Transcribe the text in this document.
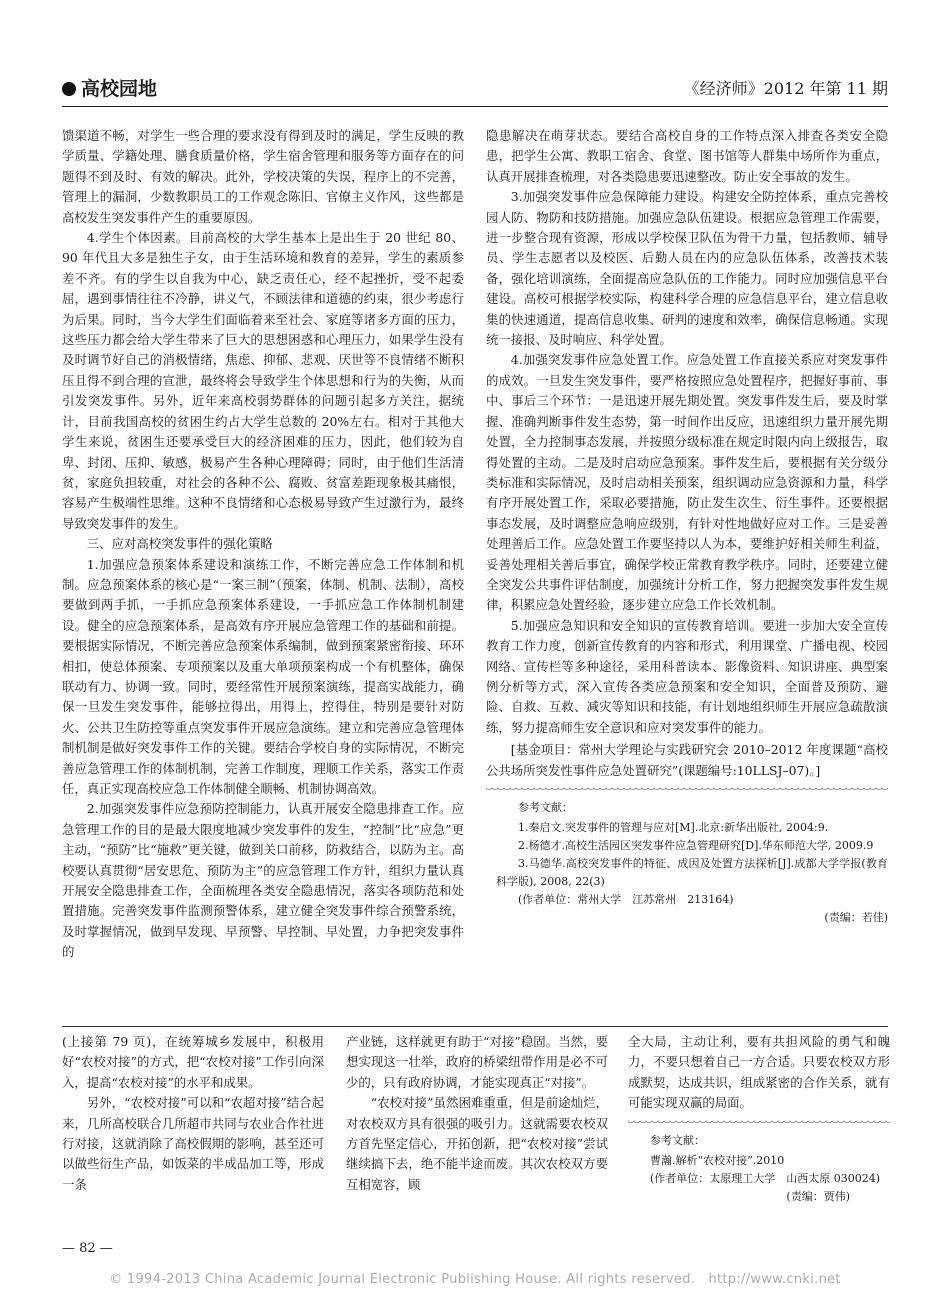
高校园地	《经济师》2012 年第 11 期

馈渠道不畅，对学生一些合理的要求没有得到及时的满足，学生反映的教学质量、学籍处理、膳食质量价格，学生宿舍管理和服务等方面存在的问题得不到及时、有效的解决。此外，学校决策的失误，程序上的不完善，管理上的漏洞，少数教职员工的工作观念陈旧、官僚主义作风，这些都是高校发生突发事件产生的重要原因。

4.学生个体因素。目前高校的大学生基本上是出生于 20 世纪 80、90 年代且大多是独生子女，由于生活环境和教育的差异，学生的素质参差不齐。有的学生以自我为中心，缺乏责任心，经不起挫折，受不起委屈，遇到事情往往不冷静，讲义气，不顾法律和道德的约束，很少考虑行为后果。同时，当今大学生们面临着来至社会、家庭等诸多方面的压力，这些压力都会给大学生带来了巨大的思想困惑和心理压力，如果学生没有及时调节好自己的消极情绪，焦虑、抑郁、悲观、厌世等不良情绪不断积压且得不到合理的宣泄，最终将会导致学生个体思想和行为的失衡，从而引发突发事件。另外，近年来高校弱势群体的问题引起多方关注，据统计，目前我国高校的贫困生约占大学生总数的 20%左右。相对于其他大学生来说，贫困生还要承受巨大的经济困难的压力，因此，他们较为自卑、封闭、压抑、敏感，极易产生各种心理障碍；同时，由于他们生活清贫，家庭负担较重，对社会的各种不公、腐败、贫富差距现象极其痛恨，容易产生极端性思维。这种不良情绪和心态极易导致产生过激行为，最终导致突发事件的发生。

三、应对高校突发事件的强化策略

1.加强应急预案体系建设和演练工作，不断完善应急工作体制和机制。应急预案体系的核心是“一案三制”（预案，体制、机制、法制），高校要做到两手抓，一手抓应急预案体系建设，一手抓应急工作体制机制建设。健全的应急预案体系，是高效有序开展应急管理工作的基础和前提。要根据实际情况，不断完善应急预案体系编制，做到预案紧密衔接、环环相扣，使总体预案、专项预案以及重大单项预案构成一个有机整体，确保联动有力、协调一致。同时，要经常性开展预案演练，提高实战能力，确保一旦发生突发事件，能够拉得出，用得上，控得住，特别是要针对防火、公共卫生防控等重点突发事件开展应急演练。建立和完善应急管理体制机制是做好突发事件工作的关键。要结合学校自身的实际情况，不断完善应急管理工作的体制机制，完善工作制度，理顺工作关系，落实工作责任，真正实现高校应急工作体制健全顺畅、机制协调高效。

2.加强突发事件应急预防控制能力，认真开展安全隐患排查工作。应急管理工作的目的是最大限度地减少突发事件的发生，“控制”比“应急”更主动，“预防”比“施救”更关键，做到关口前移，防救结合，以防为主。高校要认真贯彻“居安思危、预防为主”的应急管理工作方针，组织力量认真开展安全隐患排查工作，全面梳理各类安全隐患情况，落实各项防范和处置措施。完善突发事件监测预警体系，建立健全突发事件综合预警系统，及时掌握情况，做到早发现、早预警、早控制、早处置，力争把突发事件的

隐患解决在萌芽状态。要结合高校自身的工作特点深入排查各类安全隐患，把学生公寓、教职工宿舍、食堂、图书馆等人群集中场所作为重点，认真开展排查梳理，对各类隐患要迅速整改。防止安全事故的发生。

3.加强突发事件应急保障能力建设。构建安全防控体系，重点完善校园人防、物防和技防措施。加强应急队伍建设。根据应急管理工作需要，进一步整合现有资源，形成以学校保卫队伍为骨干力量，包括教师、辅导员、学生志愿者以及校医、后勤人员在内的应急队伍体系，改善技术装备，强化培训演练，全面提高应急队伍的工作能力。同时应加强信息平台建设。高校可根据学校实际，构建科学合理的应急信息平台，建立信息收集的快速通道，提高信息收集、研判的速度和效率，确保信息畅通。实现统一接报、及时响应、科学处置。

4.加强突发事件应急处置工作。应急处置工作直接关系应对突发事件的成效。一旦发生突发事件，要严格按照应急处置程序，把握好事前、事中、事后三个环节：一是迅速开展先期处置。突发事件发生后，要及时掌握、准确判断事件发生态势，第一时间作出反应，迅速组织力量开展先期处置，全力控制事态发展，并按照分级标准在规定时限内向上级报告，取得处置的主动。二是及时启动应急预案。事件发生后，要根据有关分级分类标准和实际情况，及时启动相关预案，组织调动应急资源和力量，科学有序开展处置工作，采取必要措施，防止发生次生、衍生事件。还要根据事态发展，及时调整应急响应级别，有针对性地做好应对工作。三是妥善处理善后工作。应急处置工作要坚持以人为本，要维护好相关师生利益，妥善处理相关善后事宜，确保学校正常教育教学秩序。同时，还要建立健全突发公共事件评估制度，加强统计分析工作，努力把握突发事件发生规律，积累应急处置经验，逐步建立应急工作长效机制。

5.加强应急知识和安全知识的宣传教育培训。要进一步加大安全宣传教育工作力度，创新宣传教育的内容和形式，利用课堂、广播电视、校园网络、宣传栏等多种途径，采用科普读本、影像资料、知识讲座、典型案例分析等方式，深入宣传各类应急预案和安全知识，全面普及预防、避险、自救、互救、减灾等知识和技能，有计划地组织师生开展应急疏散演练，努力提高师生安全意识和应对突发事件的能力。

[基金项目：常州大学理论与实践研究会 2010–2012 年度课题“高校公共场所突发性事件应急处置研究”(课题编号:10LLSJ–07)。]

参考文献：

1.秦启文.突发事件的管理与应对[M].北京:新华出版社, 2004:9.

2.杨德才.高校生活园区突发事件应急管理研究[D].华东师范大学, 2009.9

3.马德华.高校突发事件的特征、成因及处置方法探析[J].成都大学学报(教育科学版), 2008, 22(3)

(作者单位：常州大学　江苏常州　213164)

(责编：若佳)

(上接第 79 页)，在统筹城乡发展中，积极用好“农校对接”的方式，把“农校对接”工作引向深入，提高“农校对接”的水平和成果。

另外，“农校对接”可以和“农超对接”结合起来，几所高校联合几所超市共同与农业合作社进行对接，这就消除了高校假期的影响，甚至还可以做些衍生产品，如饭菜的半成品加工等，形成一条

产业链，这样就更有助于“对接”稳固。当然，要想实现这一壮举，政府的桥梁纽带作用是必不可少的，只有政府协调，才能实现真正“对接”。

“农校对接”虽然困难重重，但是前途灿烂，对农校双方具有很强的吸引力。这就需要农校双方首先坚定信心，开拓创新，把“农校对接”尝试继续搞下去，绝不能半途而废。其次农校双方要互相宽容，顾

全大局，主动让利，要有共担风险的勇气和魄力，不要只想着自己一方合适。只要农校双方形成默契，达成共识，组成紧密的合作关系，就有可能实现双赢的局面。

参考文献：

曹瀚.解析“农校对接”.2010

(作者单位：太原理工大学　山西太原 030024)

(责编：贾伟)

— 82 —
© 1994-2013 China Academic Journal Electronic Publishing House. All rights reserved.　http://www.cnki.net
